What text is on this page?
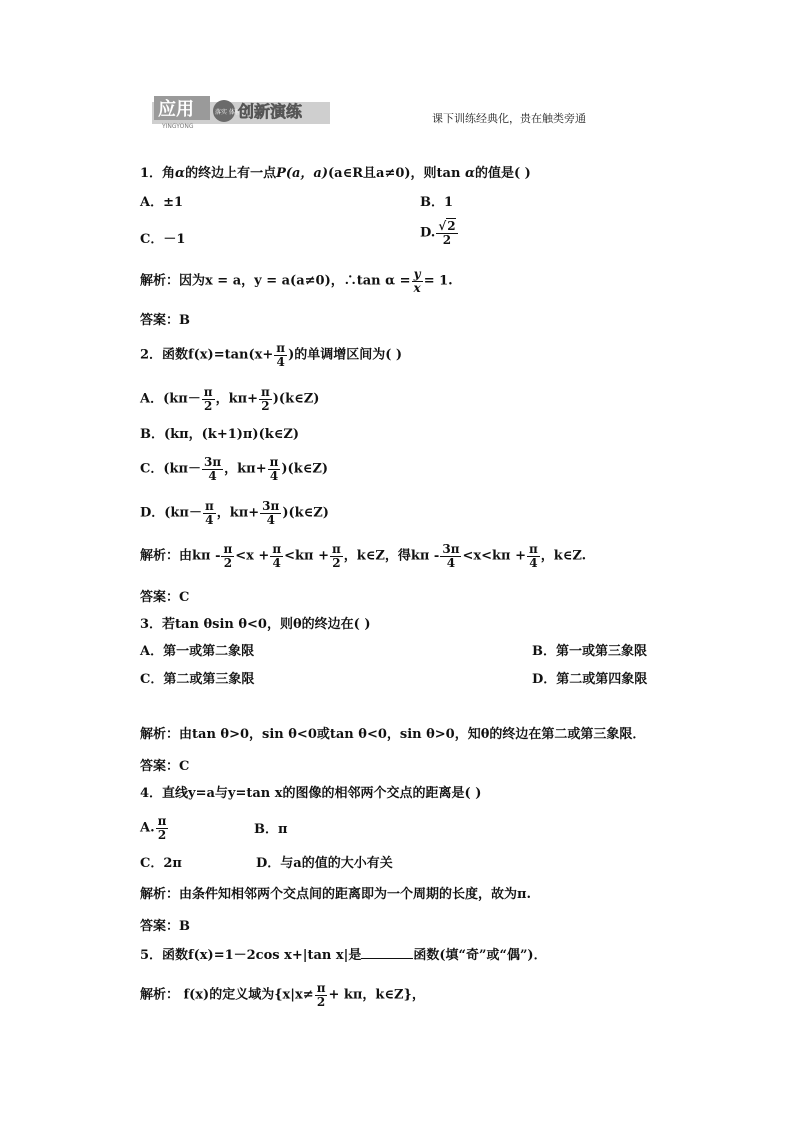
应用
YINGYONG
落实 体验
创新演练	课下训练经典化，贵在触类旁通
1．角α的终边上有一点P(a，a)(a∈R且a≠0)，则tan α的值是( )
A．±1	B．1
C．－1	D. $\frac{√2}{2}$
解析：因为x = a，y = a(a≠0)，∴tan $\alpha = \frac{y}{x} = 1$.
答案：B
2．函数$f(x)=\tan(x+ \frac{\pi}{4}$ )的单调增区间为( )
A．($k\pi- \frac{\pi}{2}$ ，$k\pi+ \frac{\pi}{2}$ )(k∈Z)
B．(kπ，(k+1)π)(k∈Z)
C．($k\pi- \frac{3\pi}{4}$ ，$k\pi+ \frac{\pi}{4}$ )(k∈Z)
D．($k\pi- \frac{\pi}{4}$ ，$k\pi+ \frac{3\pi}{4}$ )(k∈Z)
解析：由$k\pi - \frac{\pi}{2} <x + \frac{\pi}{4} <k\pi + \frac{\pi}{2}$ ，k∈Z，得$k\pi - \frac{3\pi}{4} <x<k\pi + \frac{\pi}{4}$ ，k∈Z.
答案：C
3．若tan θsin θ<0，则θ的终边在( )
A．第一或第二象限	B．第一或第三象限
C．第二或第三象限	D．第二或第四象限
解析：由tan θ>0，sin θ<0或tan θ<0，sin θ>0，知θ的终边在第二或第三象限．
答案：C
4．直线y=a与y=tan x的图像的相邻两个交点的距离是( )
A. $\frac{\pi}{2}$	B．π
C．2π	D．与a的值的大小有关
解析：由条件知相邻两个交点间的距离即为一个周期的长度，故为π.
答案：B
5．函数f(x)=1－2cos x+|tan x|是	函数(填“奇”或“偶”)．
解析： f(x)的定义域为{$x|x\ne \frac{\pi}{2} + k\pi$，k∈Z}，
